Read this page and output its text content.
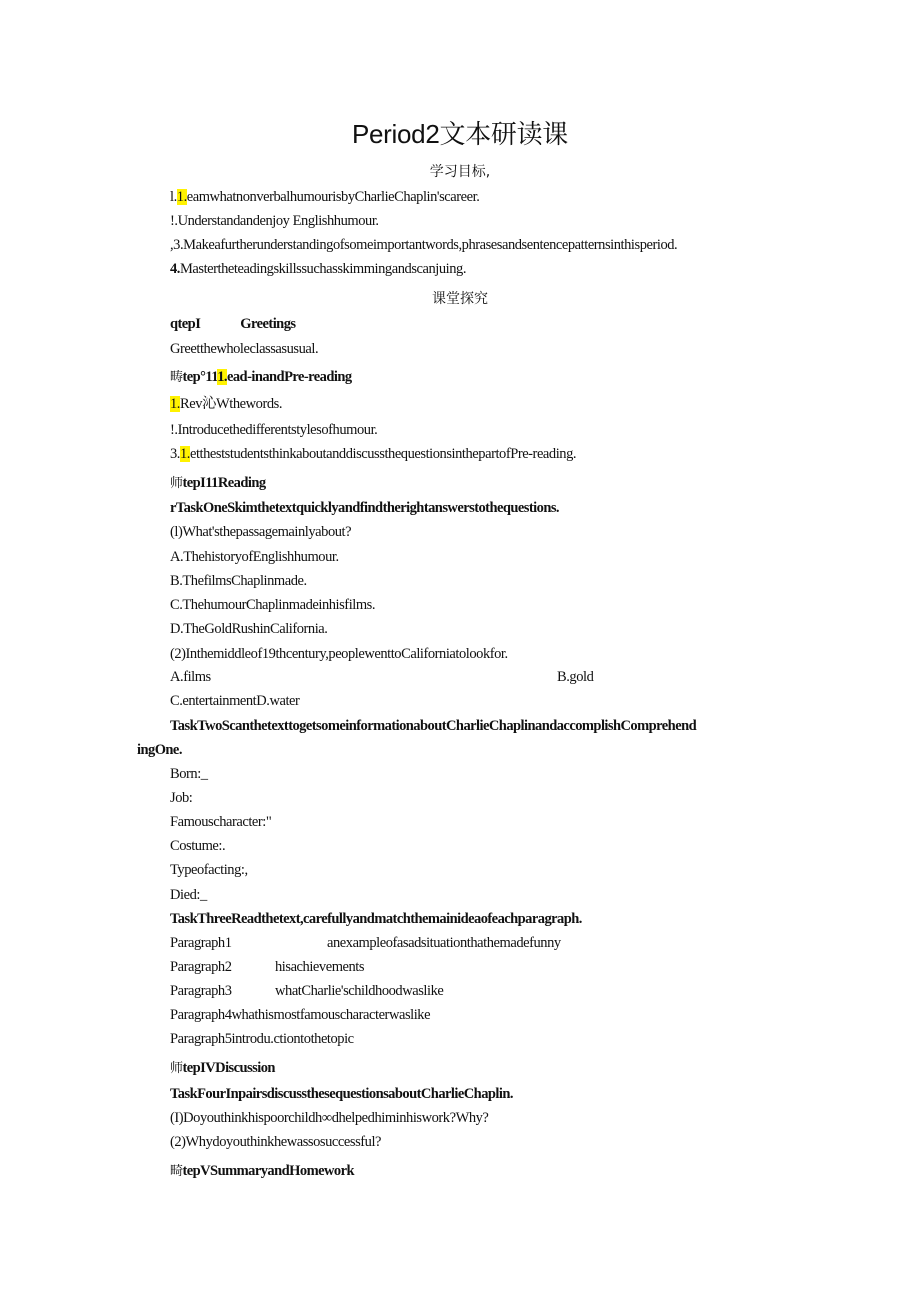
Period2文本研读课
学习目标,
l.1.eamwhatnonverbalhumourisbyCharlieChaplin'scareer.
!.Understandandenjoy Englishhumour.
,3.Makeafurtherunderstandingofsomeimportantwords,phrasesandsentencepatternsinthisperiod.
4.Mastertheteadingskillssuchasskimmingandscanjuing.
课堂探究
qtepI	Greetings
Greetthewholeclassasusual.
畴tep°111.ead-inandPre-reading
1.Rev沁Wthewords.
!.Introducethedifferentstylesofhumour.
3.1.ettheststudentsthinkaboutanddiscussthequestionsinthepartofPre-reading.
师tepI11Reading
rTaskOneSkimthetextquicklyandfindtherightanswerstothequestions.
(l)What'sthepassagemainlyabout?
A.ThehistoryofEnglishhumour.
B.ThefilmsChaplinmade.
C.ThehumourChaplinmadeinhisfilms.
D.TheGoldRushinCalifornia.
(2)Inthemiddleof19thcentury,peoplewenttoCaliforniatolookfor.
A.films	B.gold
C.entertainmentD.water
TaskTwoScanthetexttogetsomeinformationaboutCharlieChaplinandaccomplishComprehend
ingOne.
Born:_
Job:
Famouscharacter:"
Costume:.
Typeofacting:,
Died:_
TaskThreeReadthetext,carefullyandmatchthemainideaofeachparagraph.
Paragraph1	anexampleofasadsituationthathemadefunny
Paragraph2	hisachievements
Paragraph3	whatCharlie'schildhoodwaslike
Paragraph4whathismostfamouscharacterwaslike
Paragraph5introdu.ctiontothetopic
师tepIVDiscussion
TaskFourInpairsdiscussthesequestionsaboutCharlieChaplin.
(I)Doyouthinkhispoorchildh∞dhelpedhiminhiswork?Why?
(2)Whydoyouthinkhewassosuccessful?
畸tepVSummaryandHomework
